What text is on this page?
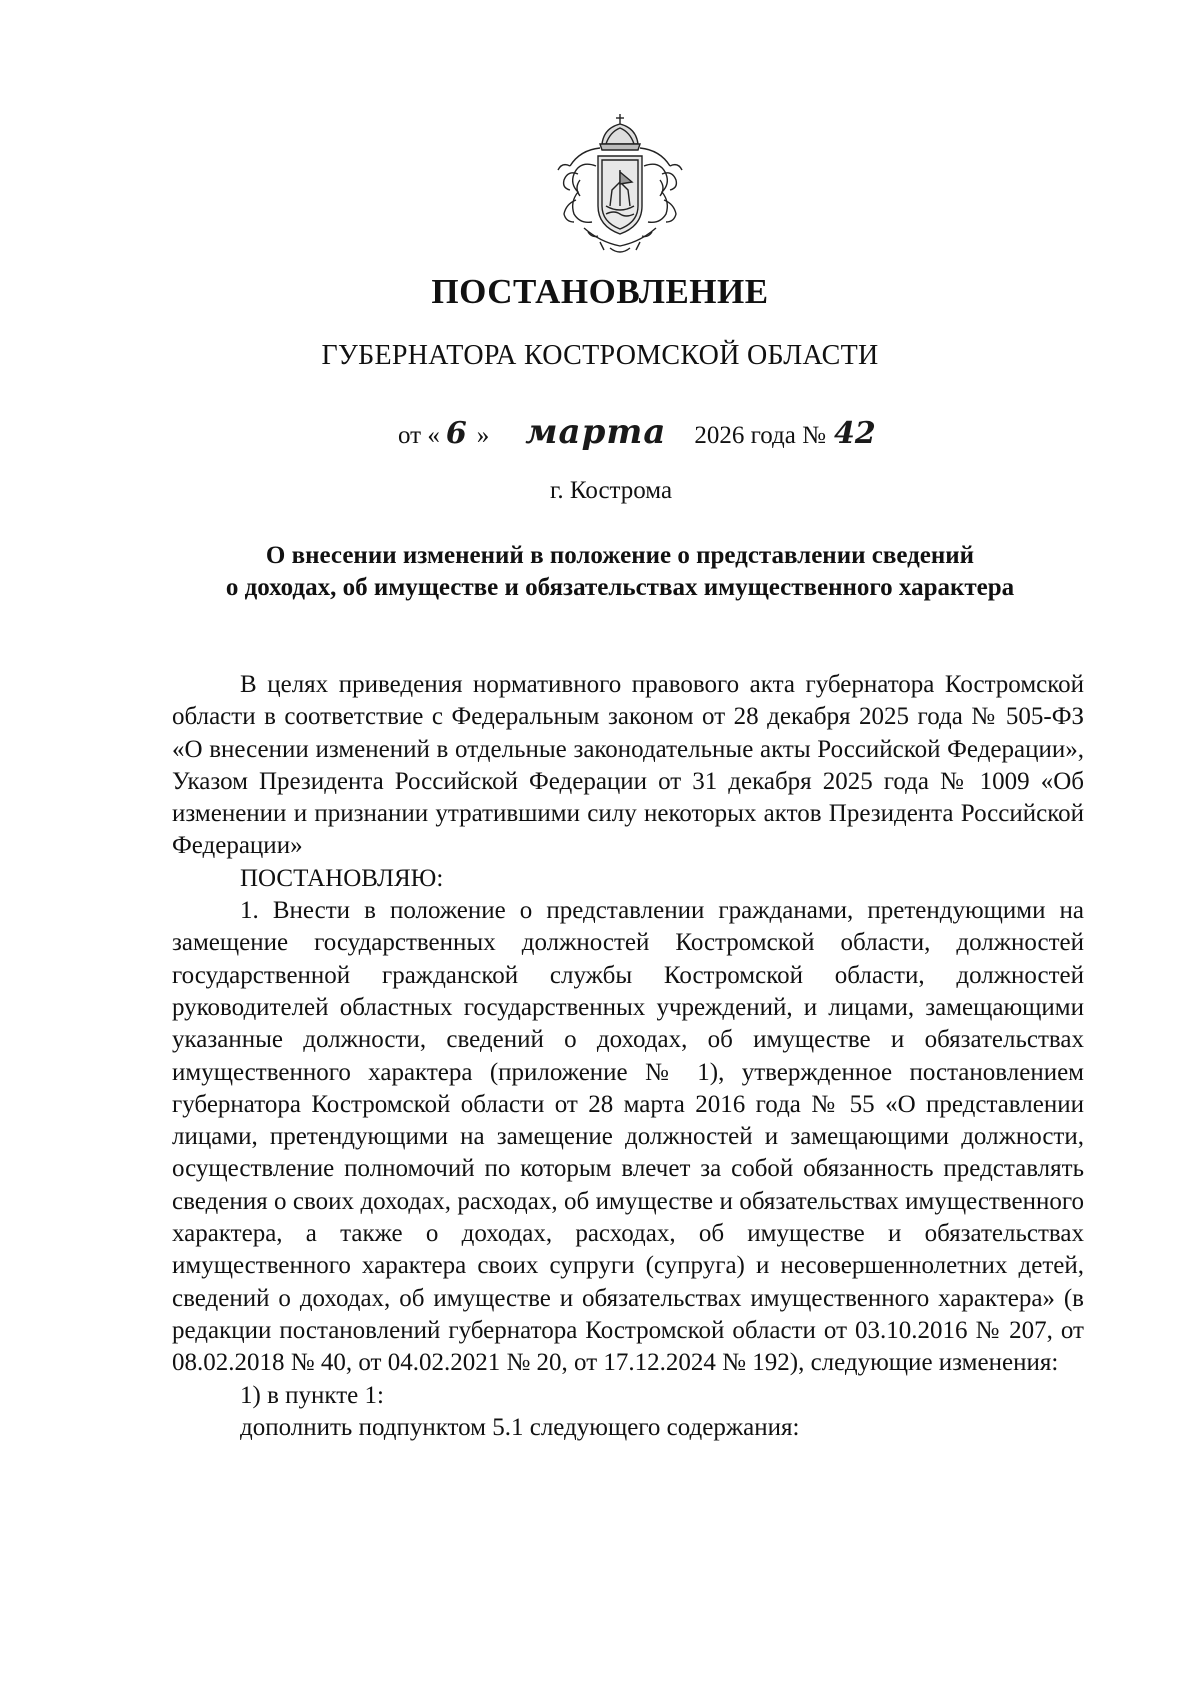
ПОСТАНОВЛЕНИЕ
ГУБЕРНАТОРА КОСТРОМСКОЙ ОБЛАСТИ
от « 6 » марта 2026 года № 42
г. Кострома
О внесении изменений в положение о представлении сведений
о доходах, об имуществе и обязательствах имущественного характера

В целях приведения нормативного правового акта губернатора Костромской области в соответствие с Федеральным законом от 28 декабря 2025 года № 505-ФЗ «О внесении изменений в отдельные законодательные акты Российской Федерации», Указом Президента Российской Федерации от 31 декабря 2025 года № 1009 «Об изменении и признании утратившими силу некоторых актов Президента Российской Федерации»

ПОСТАНОВЛЯЮ:

1. Внести в положение о представлении гражданами, претендующими на замещение государственных должностей Костромской области, должностей государственной гражданской службы Костромской области, должностей руководителей областных государственных учреждений, и лицами, замещающими указанные должности, сведений о доходах, об имуществе и обязательствах имущественного характера (приложение № 1), утвержденное постановлением губернатора Костромской области от 28 марта 2016 года № 55 «О представлении лицами, претендующими на замещение должностей и замещающими должности, осуществление полномочий по которым влечет за собой обязанность представлять сведения о своих доходах, расходах, об имуществе и обязательствах имущественного характера, а также о доходах, расходах, об имуществе и обязательствах имущественного характера своих супруги (супруга) и несовершеннолетних детей, сведений о доходах, об имуществе и обязательствах имущественного характера» (в редакции постановлений губернатора Костромской области от 03.10.2016 № 207, от 08.02.2018 № 40, от 04.02.2021 № 20, от 17.12.2024 № 192), следующие изменения:

1) в пункте 1:

дополнить подпунктом 5.1 следующего содержания:
